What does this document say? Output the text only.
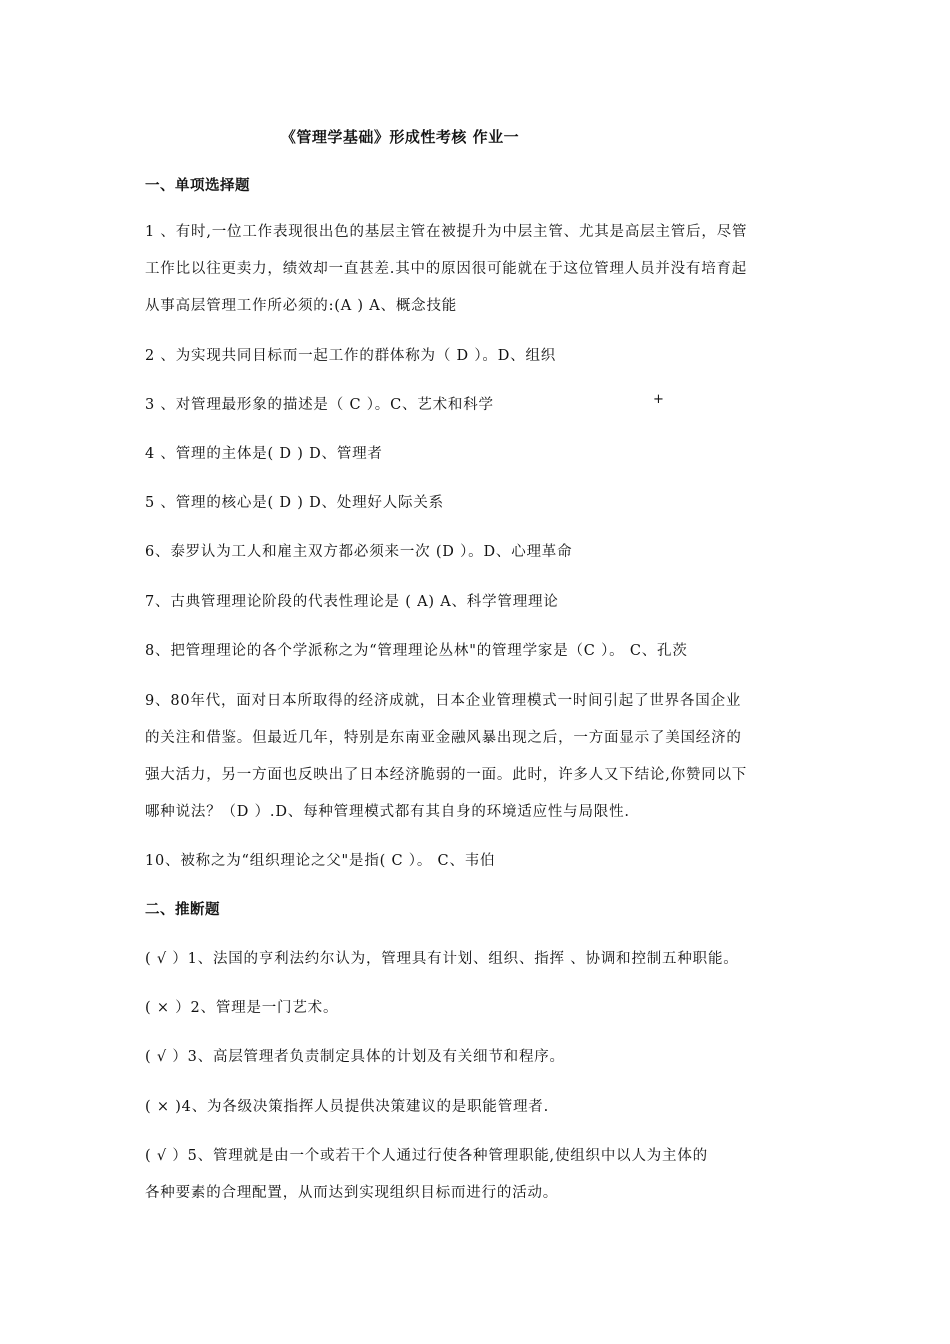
《管理学基础》形成性考核 作业一
一、单项选择题
1 、有时,一位工作表现很出色的基层主管在被提升为中层主管、尤其是高层主管后，尽管
工作比以往更卖力，绩效却一直甚差.其中的原因很可能就在于这位管理人员并没有培育起
从事高层管理工作所必须的:(A ) A、概念技能
2 、为实现共同目标而一起工作的群体称为（ D ）。D、组织
3 、对管理最形象的描述是（ C ）。C、艺术和科学	+
4 、管理的主体是( D ) D、管理者
5 、管理的核心是( D ) D、处理好人际关系
6、泰罗认为工人和雇主双方都必须来一次 (D ）。D、心理革命
7、古典管理理论阶段的代表性理论是 ( A) A、科学管理理论
8、把管理理论的各个学派称之为“管理理论丛林"的管理学家是（C ）。 C、孔茨
9、80年代，面对日本所取得的经济成就，日本企业管理模式一时间引起了世界各国企业
的关注和借鉴。但最近几年，特别是东南亚金融风暴出现之后，一方面显示了美国经济的
强大活力，另一方面也反映出了日本经济脆弱的一面。此时，许多人又下结论,你赞同以下
哪种说法？（D ）.D、每种管理模式都有其自身的环境适应性与局限性.
10、被称之为“组织理论之父"是指( C ）。 C、韦伯
二、推断题
( √ ）1、法国的亨利法约尔认为，管理具有计划、组织、指挥 、协调和控制五种职能。
( × ）2、管理是一门艺术。
( √ ）3、高层管理者负责制定具体的计划及有关细节和程序。
( × )4、为各级决策指挥人员提供决策建议的是职能管理者.
( √ ）5、管理就是由一个或若干个人通过行使各种管理职能,使组织中以人为主体的
各种要素的合理配置，从而达到实现组织目标而进行的活动。
